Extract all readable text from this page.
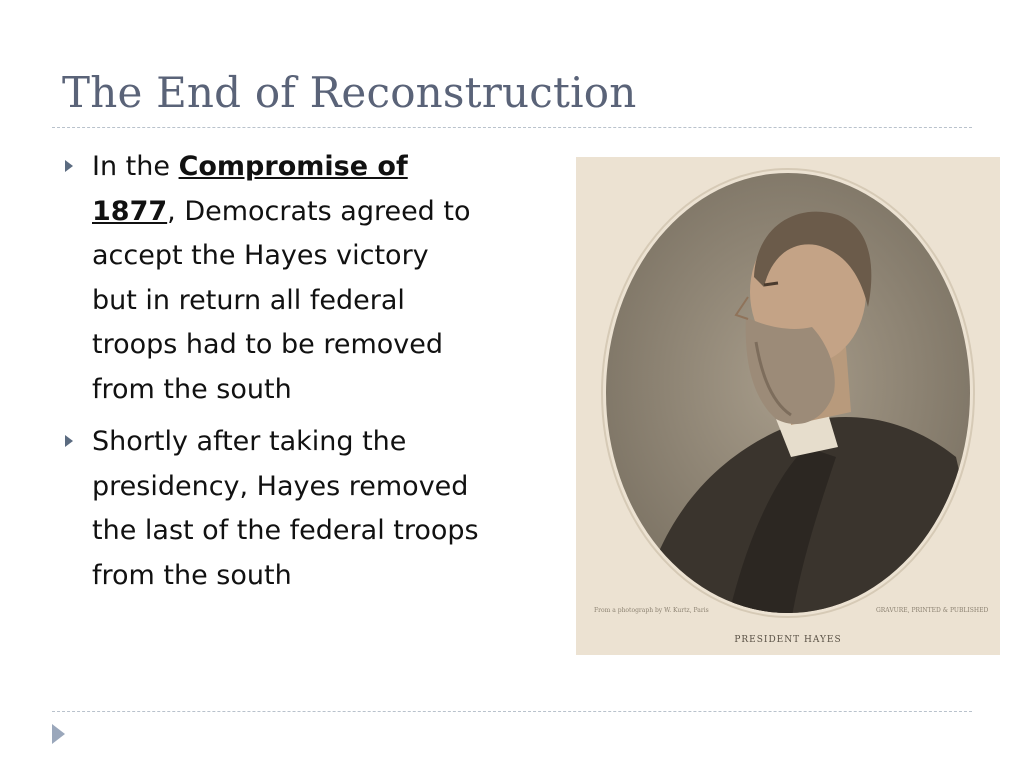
The End of Reconstruction
In the Compromise of 1877, Democrats agreed to accept the Hayes victory but in return all federal troops had to be removed from the south
Shortly after taking the presidency, Hayes removed the last of the federal troops from the south
From a photograph by W. Kurtz, Paris	GRAVURE, PRINTED & PUBLISHED
PRESIDENT HAYES
